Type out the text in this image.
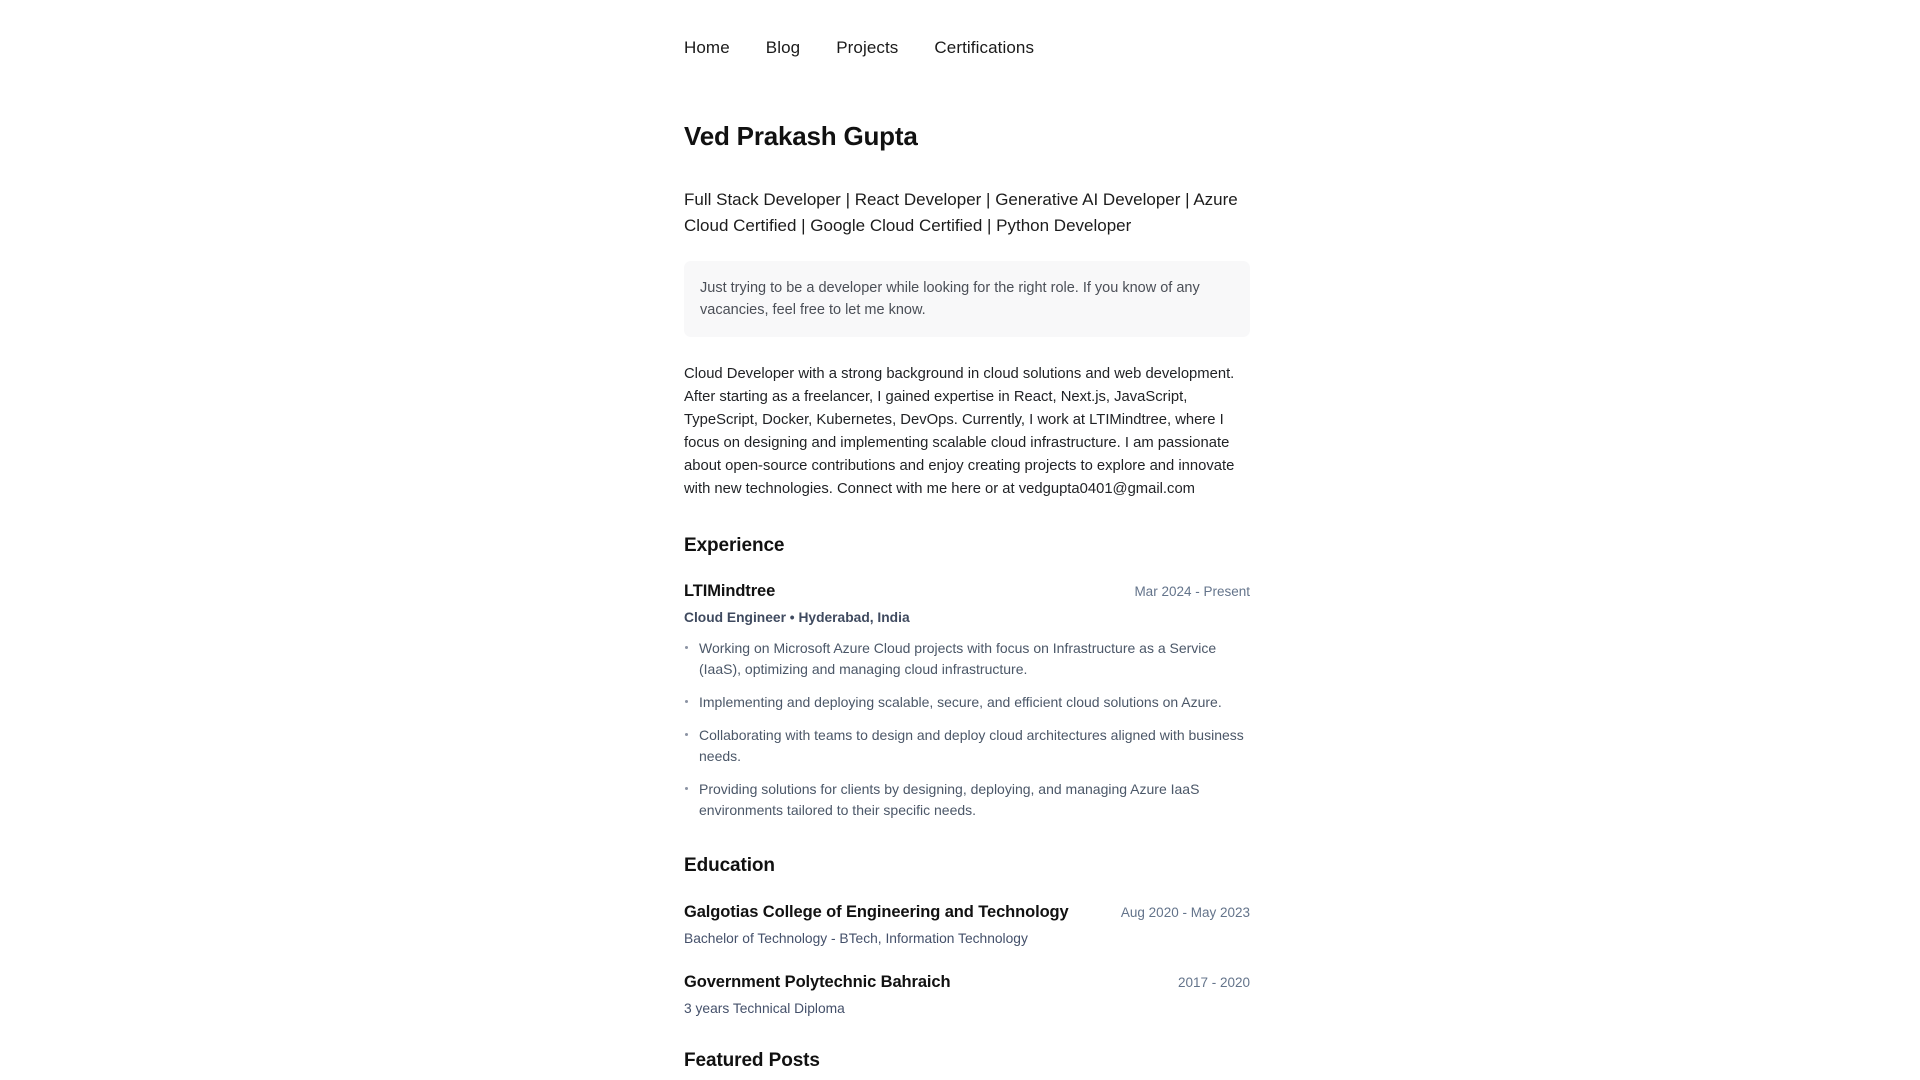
Home Blog Projects Certifications
Ved Prakash Gupta

Full Stack Developer | React Developer | Generative AI Developer | Azure Cloud Certified | Google Cloud Certified | Python Developer

Just trying to be a developer while looking for the right role. If you know of any vacancies, feel free to let me know.

Cloud Developer with a strong background in cloud solutions and web development. After starting as a freelancer, I gained expertise in React, Next.js, JavaScript, TypeScript, Docker, Kubernetes, DevOps. Currently, I work at LTIMindtree, where I focus on designing and implementing scalable cloud infrastructure. I am passionate about open-source contributions and enjoy creating projects to explore and innovate with new technologies. Connect with me here or at vedgupta0401@gmail.com

Experience
LTIMindtree	Mar 2024 - Present
Cloud Engineer • Hyderabad, India
Working on Microsoft Azure Cloud projects with focus on Infrastructure as a Service (IaaS), optimizing and managing cloud infrastructure.
Implementing and deploying scalable, secure, and efficient cloud solutions on Azure.
Collaborating with teams to design and deploy cloud architectures aligned with business needs.
Providing solutions for clients by designing, deploying, and managing Azure IaaS environments tailored to their specific needs.
Education
Galgotias College of Engineering and Technology	Aug 2020 - May 2023
Bachelor of Technology - BTech, Information Technology
Government Polytechnic Bahraich	2017 - 2020
3 years Technical Diploma
Featured Posts
